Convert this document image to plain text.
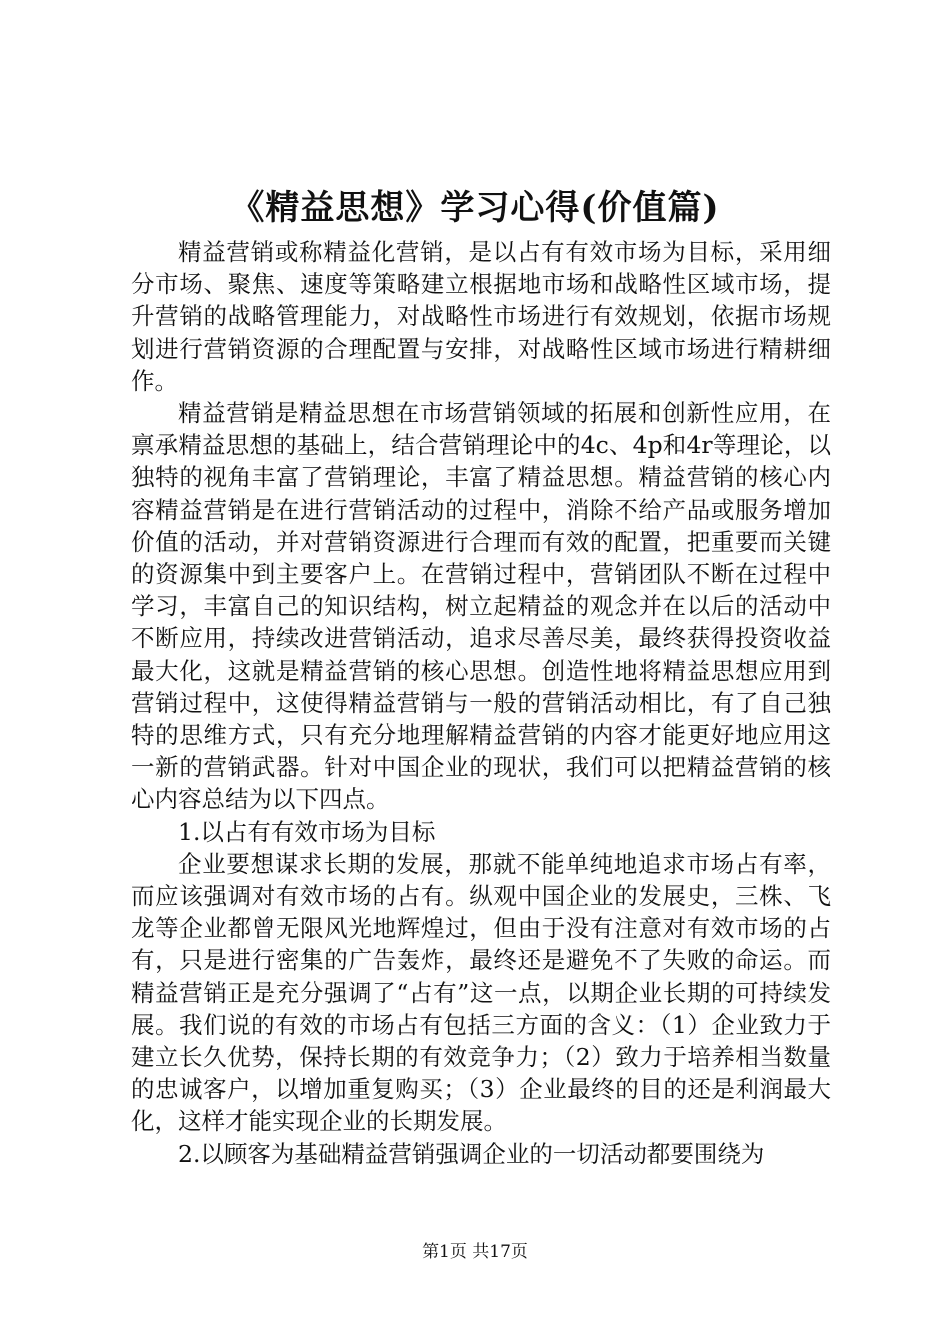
《精益思想》学习心得(价值篇)

精益营销或称精益化营销，是以占有有效市场为目标，采用细分市场、聚焦、速度等策略建立根据地市场和战略性区域市场，提升营销的战略管理能力，对战略性市场进行有效规划，依据市场规划进行营销资源的合理配置与安排，对战略性区域市场进行精耕细作。

精益营销是精益思想在市场营销领域的拓展和创新性应用，在禀承精益思想的基础上，结合营销理论中的4c、4p和4r等理论，以独特的视角丰富了营销理论，丰富了精益思想。精益营销的核心内容精益营销是在进行营销活动的过程中，消除不给产品或服务增加价值的活动，并对营销资源进行合理而有效的配置，把重要而关键的资源集中到主要客户上。在营销过程中，营销团队不断在过程中学习，丰富自己的知识结构，树立起精益的观念并在以后的活动中不断应用，持续改进营销活动，追求尽善尽美，最终获得投资收益最大化，这就是精益营销的核心思想。创造性地将精益思想应用到营销过程中，这使得精益营销与一般的营销活动相比，有了自己独特的思维方式，只有充分地理解精益营销的内容才能更好地应用这一新的营销武器。针对中国企业的现状，我们可以把精益营销的核心内容总结为以下四点。

1.以占有有效市场为目标

企业要想谋求长期的发展，那就不能单纯地追求市场占有率，而应该强调对有效市场的占有。纵观中国企业的发展史，三株、飞龙等企业都曾无限风光地辉煌过，但由于没有注意对有效市场的占有，只是进行密集的广告轰炸，最终还是避免不了失败的命运。而精益营销正是充分强调了“占有”这一点，以期企业长期的可持续发展。我们说的有效的市场占有包括三方面的含义：（1）企业致力于建立长久优势，保持长期的有效竞争力；（2）致力于培养相当数量的忠诚客户，以增加重复购买；（3）企业最终的目的还是利润最大化，这样才能实现企业的长期发展。

2.以顾客为基础精益营销强调企业的一切活动都要围绕为

第1页 共17页
